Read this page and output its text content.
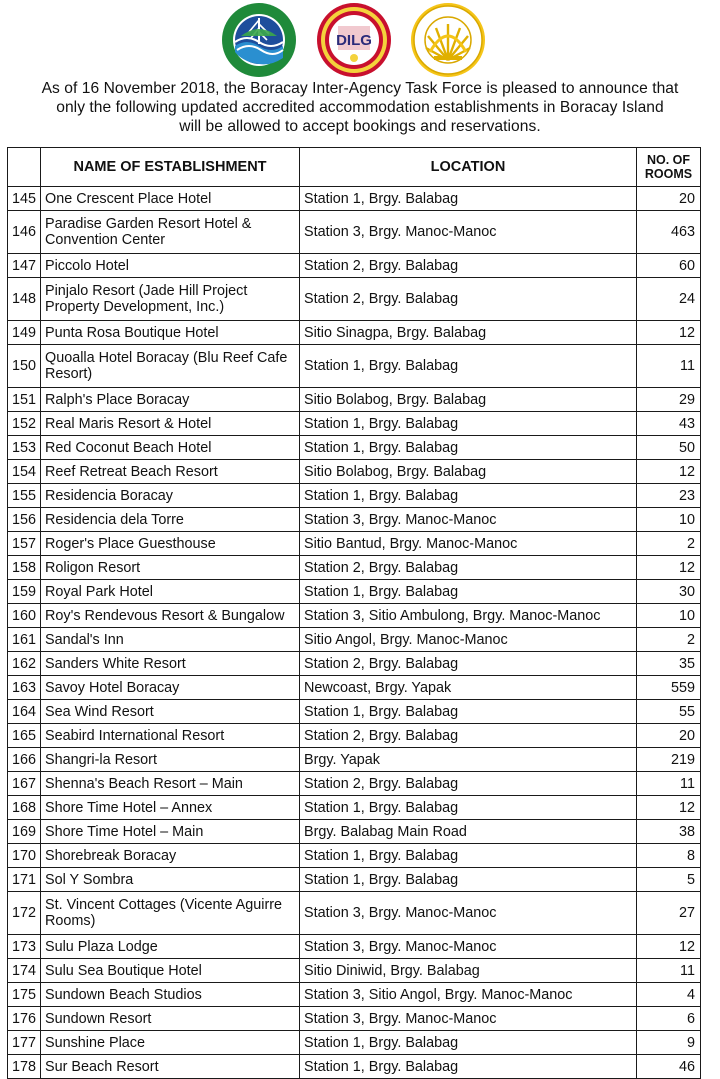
DILG
As of 16 November 2018, the Boracay Inter-Agency Task Force is pleased to announce that
only the following updated accredited accommodation establishments in Boracay Island
will be allowed to accept bookings and reservations.
	NAME OF ESTABLISHMENT	LOCATION	NO. OF
ROOMS
145	One Crescent Place Hotel	Station 1, Brgy. Balabag	20
146	Paradise Garden Resort Hotel & Convention Center	Station 3, Brgy. Manoc-Manoc	463
147	Piccolo Hotel	Station 2, Brgy. Balabag	60
148	Pinjalo Resort (Jade Hill Project Property Development, Inc.)	Station 2, Brgy. Balabag	24
149	Punta Rosa Boutique Hotel	Sitio Sinagpa, Brgy. Balabag	12
150	Quoalla Hotel Boracay (Blu Reef Cafe Resort)	Station 1, Brgy. Balabag	11
151	Ralph's Place Boracay	Sitio Bolabog, Brgy. Balabag	29
152	Real Maris Resort & Hotel	Station 1, Brgy. Balabag	43
153	Red Coconut Beach Hotel	Station 1, Brgy. Balabag	50
154	Reef Retreat Beach Resort	Sitio Bolabog, Brgy. Balabag	12
155	Residencia Boracay	Station 1, Brgy. Balabag	23
156	Residencia dela Torre	Station 3, Brgy. Manoc-Manoc	10
157	Roger's Place Guesthouse	Sitio Bantud, Brgy. Manoc-Manoc	2
158	Roligon Resort	Station 2, Brgy. Balabag	12
159	Royal Park Hotel	Station 1, Brgy. Balabag	30
160	Roy's Rendevous Resort & Bungalow	Station 3, Sitio Ambulong, Brgy. Manoc-Manoc	10
161	Sandal's Inn	Sitio Angol, Brgy. Manoc-Manoc	2
162	Sanders White Resort	Station 2, Brgy. Balabag	35
163	Savoy Hotel Boracay	Newcoast, Brgy. Yapak	559
164	Sea Wind Resort	Station 1, Brgy. Balabag	55
165	Seabird International Resort	Station 2, Brgy. Balabag	20
166	Shangri-la Resort	Brgy. Yapak	219
167	Shenna's Beach Resort – Main	Station 2, Brgy. Balabag	11
168	Shore Time Hotel – Annex	Station 1, Brgy. Balabag	12
169	Shore Time Hotel – Main	Brgy. Balabag Main Road	38
170	Shorebreak Boracay	Station 1, Brgy. Balabag	8
171	Sol Y Sombra	Station 1, Brgy. Balabag	5
172	St. Vincent Cottages (Vicente Aguirre Rooms)	Station 3, Brgy. Manoc-Manoc	27
173	Sulu Plaza Lodge	Station 3, Brgy. Manoc-Manoc	12
174	Sulu Sea Boutique Hotel	Sitio Diniwid, Brgy. Balabag	11
175	Sundown Beach Studios	Station 3, Sitio Angol, Brgy. Manoc-Manoc	4
176	Sundown Resort	Station 3, Brgy. Manoc-Manoc	6
177	Sunshine Place	Station 1, Brgy. Balabag	9
178	Sur Beach Resort	Station 1, Brgy. Balabag	46
